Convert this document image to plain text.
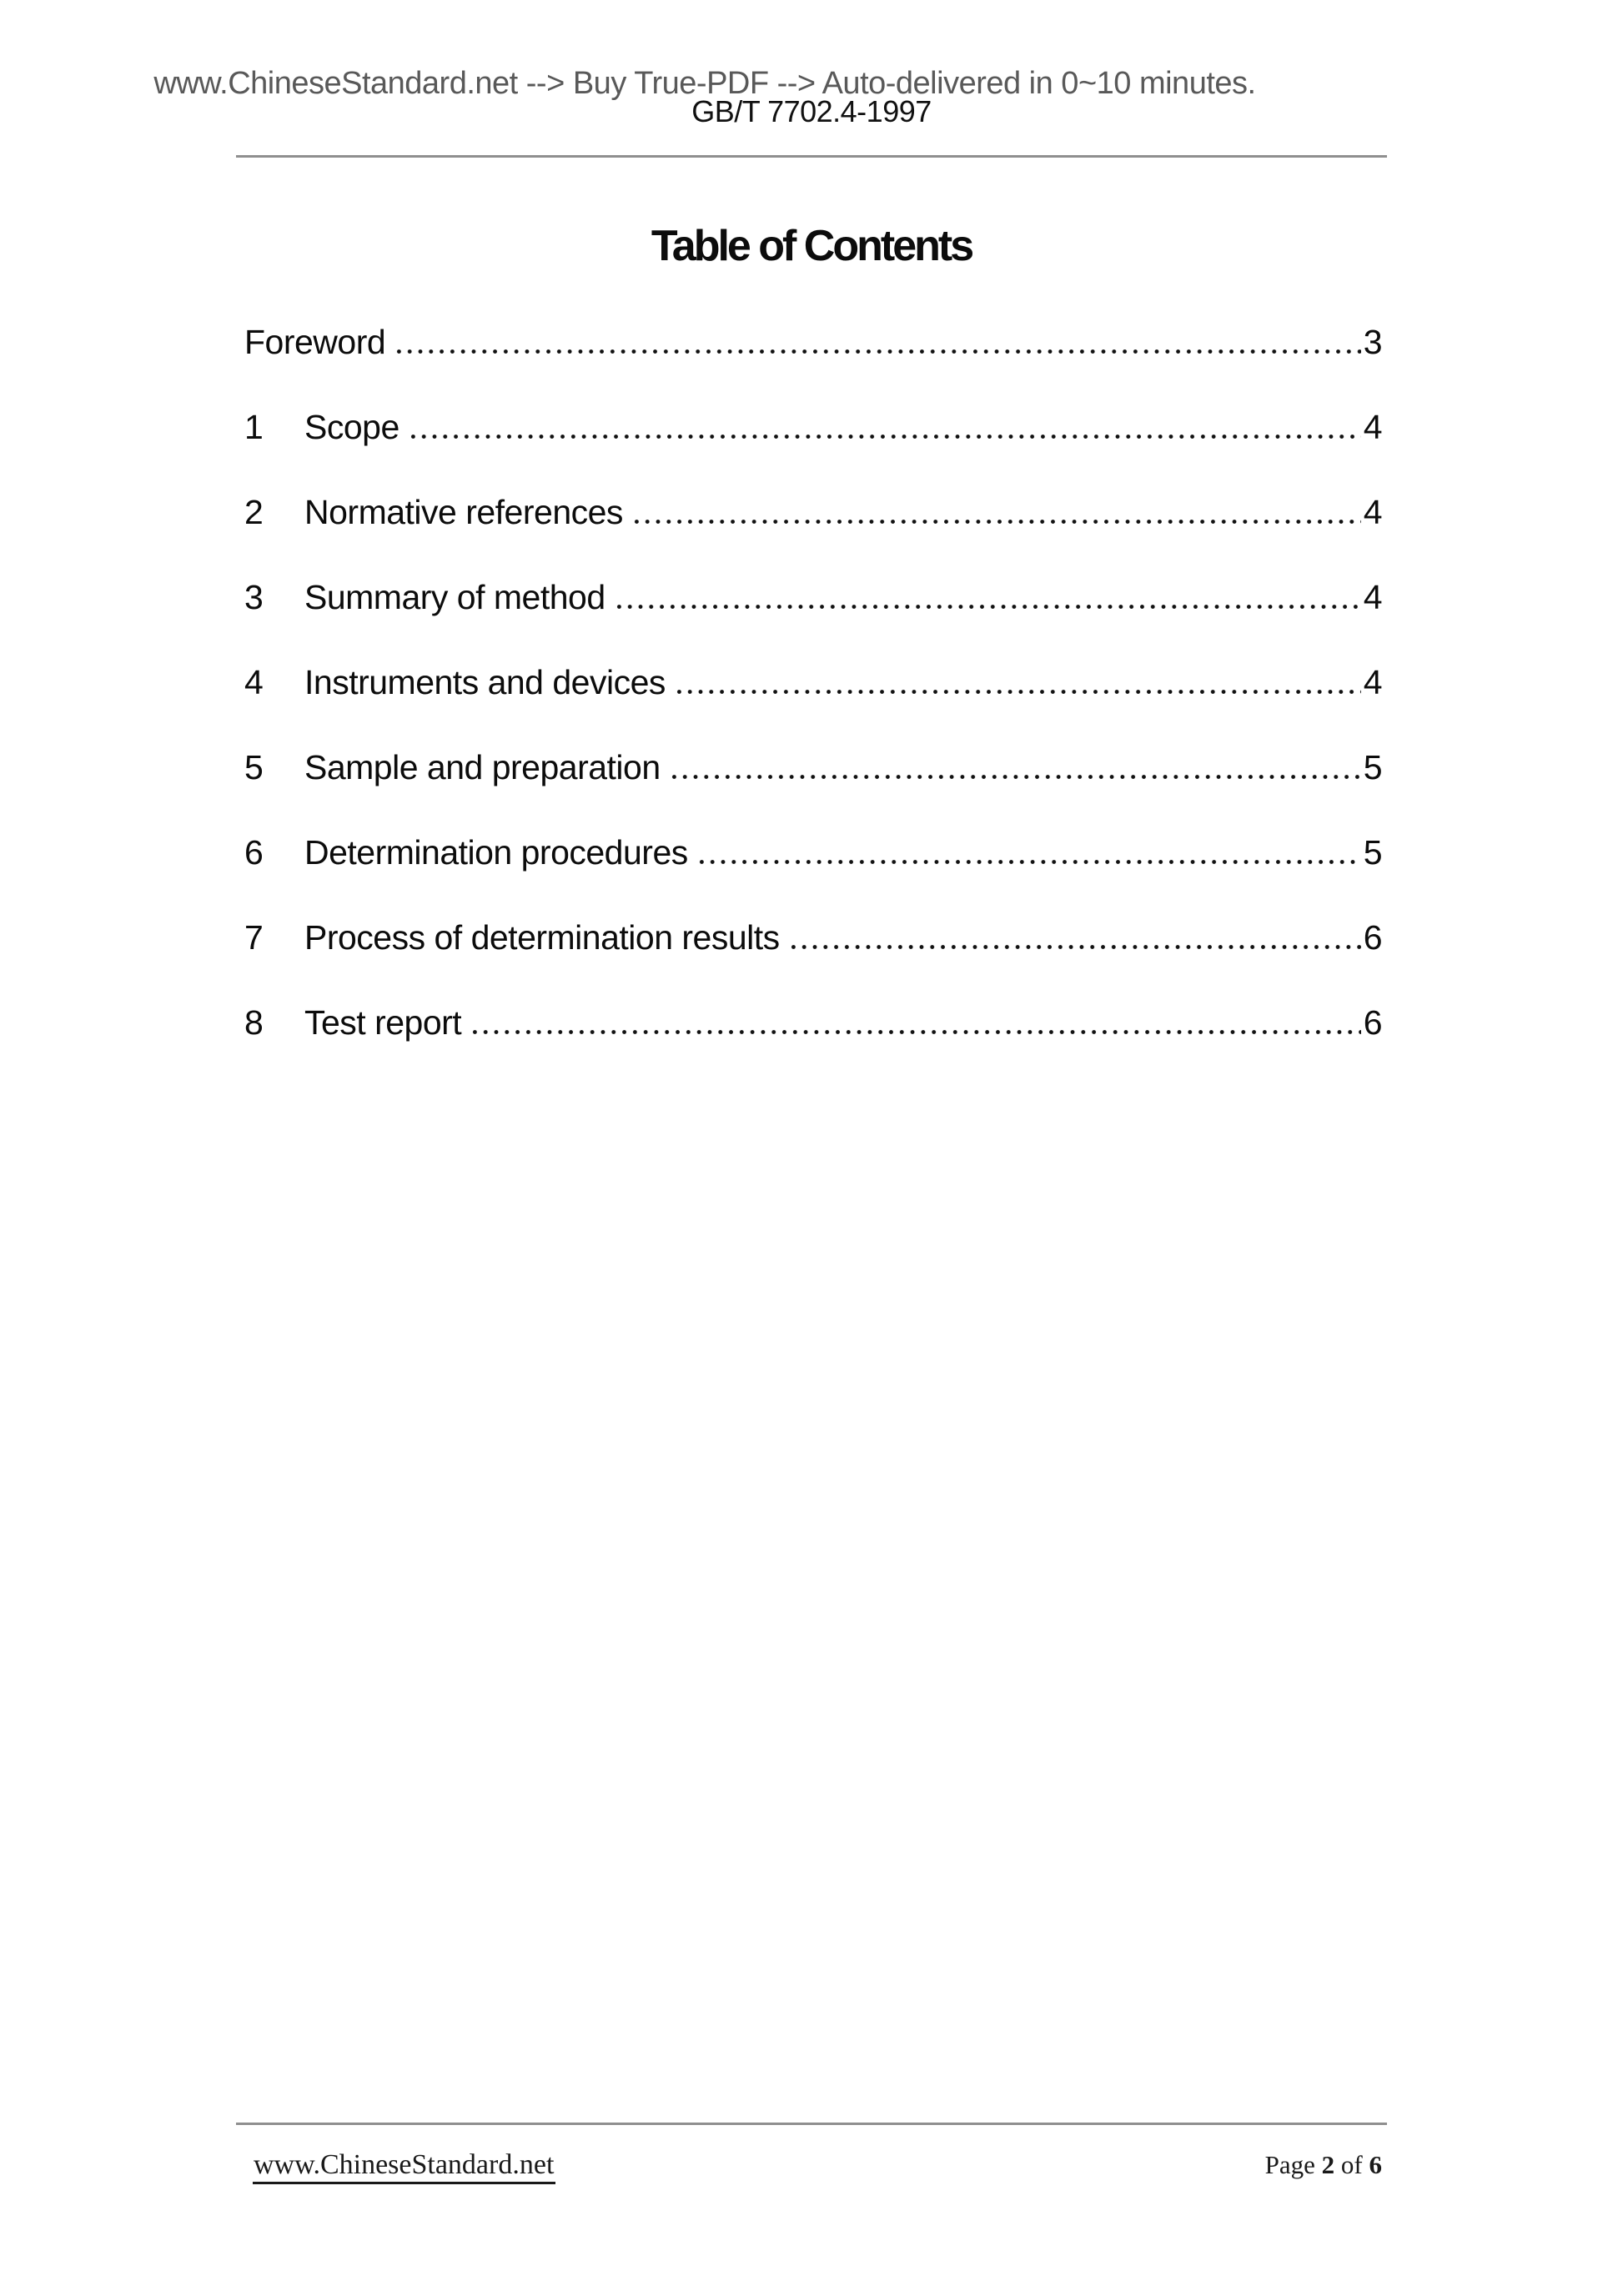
www.ChineseStandard.net --> Buy True-PDF --> Auto-delivered in 0~10 minutes.
GB/T 7702.4-1997
Table of Contents
Foreword	3
1	Scope	4
2	Normative references	4
3	Summary of method	4
4	Instruments and devices	4
5	Sample and preparation	5
6	Determination procedures	5
7	Process of determination results	6
8	Test report	6
www.ChineseStandard.net	Page 2 of 6
